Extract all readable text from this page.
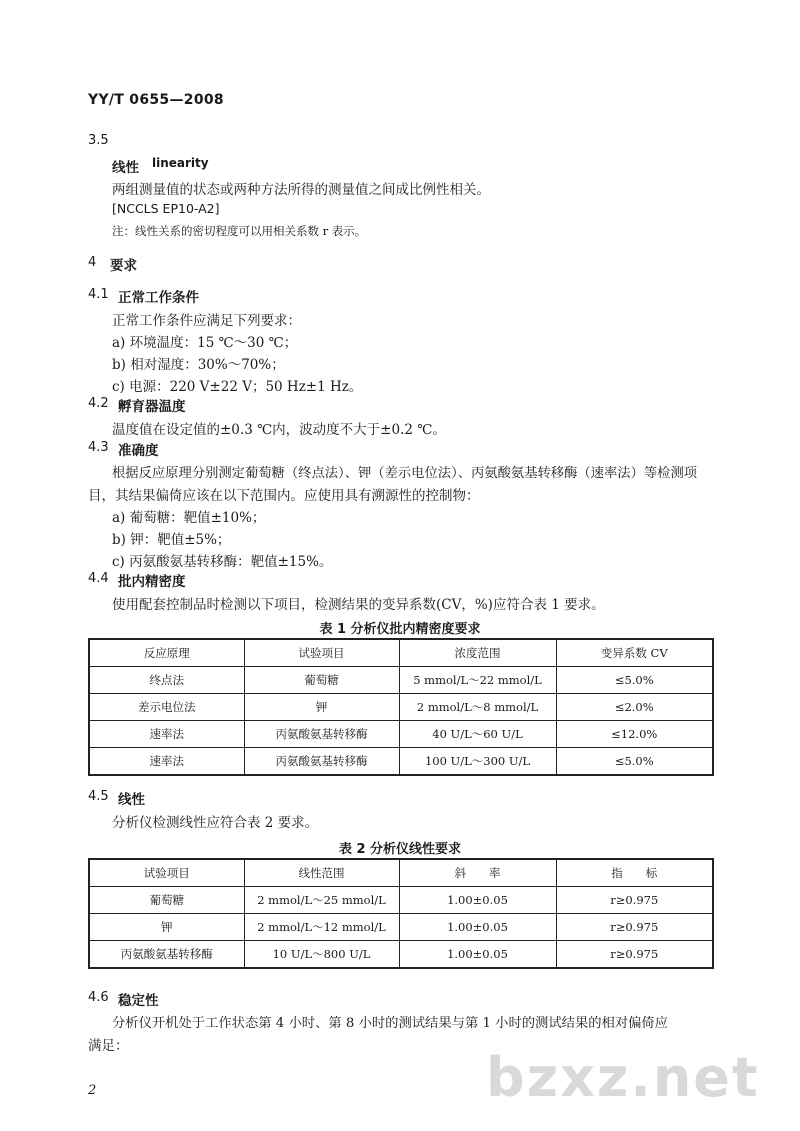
YY/T 0655—2008
3.5
线性 linearity
两组测量值的状态或两种方法所得的测量值之间成比例性相关。
[NCCLS EP10-A2]
注：线性关系的密切程度可以用相关系数 r 表示。
4 要求
4.1 正常工作条件
正常工作条件应满足下列要求：
a) 环境温度：15 ℃～30 ℃；
b) 相对湿度：30%～70%；
c) 电源：220 V±22 V；50 Hz±1 Hz。
4.2 孵育器温度
温度值在设定值的±0.3 ℃内，波动度不大于±0.2 ℃。
4.3 准确度
根据反应原理分别测定葡萄糖（终点法）、钾（差示电位法）、丙氨酸氨基转移酶（速率法）等检测项
目，其结果偏倚应该在以下范围内。应使用具有溯源性的控制物：
a) 葡萄糖：靶值±10%；
b) 钾：靶值±5%；
c) 丙氨酸氨基转移酶：靶值±15%。
4.4 批内精密度
使用配套控制品时检测以下项目，检测结果的变异系数(CV，%)应符合表 1 要求。
表 1 分析仪批内精密度要求
反应原理	试验项目	浓度范围	变异系数 CV
终点法	葡萄糖	5 mmol/L～22 mmol/L	≤5.0%
差示电位法	钾	2 mmol/L～8 mmol/L	≤2.0%
速率法	丙氨酸氨基转移酶	40 U/L～60 U/L	≤12.0%
速率法	丙氨酸氨基转移酶	100 U/L～300 U/L	≤5.0%
4.5 线性
分析仪检测线性应符合表 2 要求。
表 2 分析仪线性要求
试验项目	线性范围	斜　　率	指　　标
葡萄糖	2 mmol/L～25 mmol/L	1.00±0.05	r≥0.975
钾	2 mmol/L～12 mmol/L	1.00±0.05	r≥0.975
丙氨酸氨基转移酶	10 U/L～800 U/L	1.00±0.05	r≥0.975
4.6 稳定性
分析仪开机处于工作状态第 4 小时、第 8 小时的测试结果与第 1 小时的测试结果的相对偏倚应
满足：	bzxz.net
2
